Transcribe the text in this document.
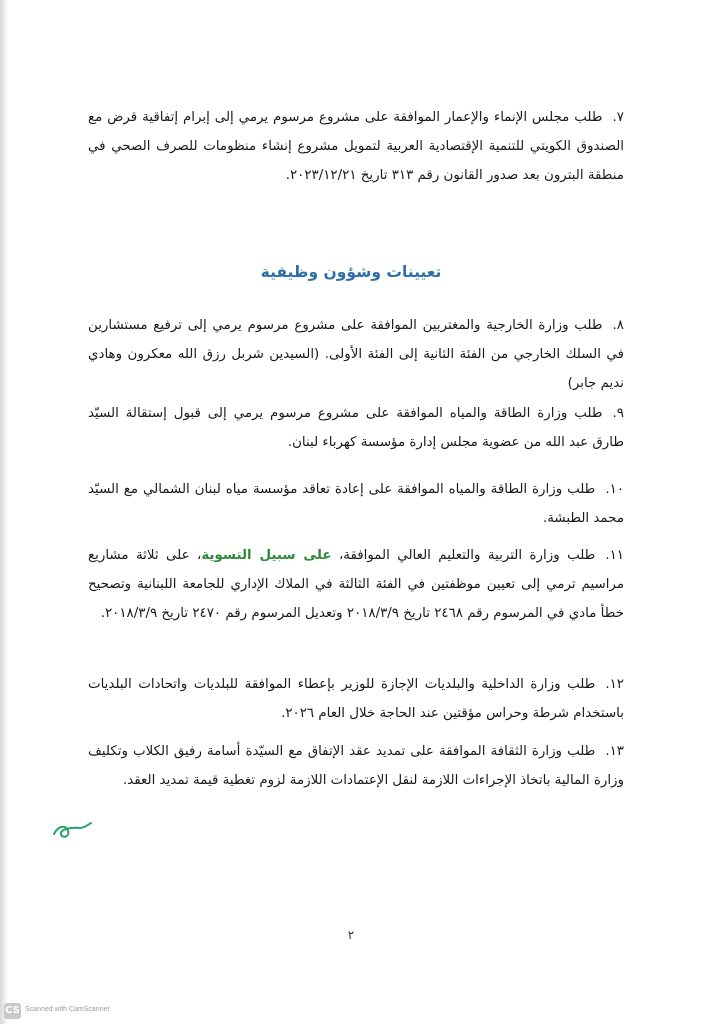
٧.طلب مجلس الإنماء والإعمار الموافقة على مشروع مرسوم يرمي إلى إبرام إتفاقية قرض مع الصندوق الكويتي للتنمية الإقتصادية العربية لتمويل مشروع إنشاء منظومات للصرف الصحي في منطقة البترون بعد صدور القانون رقم ٣١٣ تاريخ ٢٠٢٣/١٢/٢١.
تعيينات وشؤون وظيفية
٨.طلب وزارة الخارجية والمغتربين الموافقة على مشروع مرسوم يرمي إلى ترفيع مستشارين في السلك الخارجي من الفئة الثانية إلى الفئة الأولى. (السيدين شربل رزق الله معكرون وهادي نديم جابر)
٩.طلب وزارة الطاقة والمياه الموافقة على مشروع مرسوم يرمي إلى قبول إستقالة السيّد طارق عبد الله من عضوية مجلس إدارة مؤسسة كهرباء لبنان.
١٠.طلب وزارة الطاقة والمياه الموافقة على إعادة تعاقد مؤسسة مياه لبنان الشمالي مع السيّد محمد الطبشة.
١١.طلب وزارة التربية والتعليم العالي الموافقة، على سبيل التسوية، على ثلاثة مشاريع مراسيم ترمي إلى تعيين موظفتين في الفئة الثالثة في الملاك الإداري للجامعة اللبنانية وتصحيح خطأ مادي في المرسوم رقم ٢٤٦٨ تاريخ ٢٠١٨/٣/٩ وتعديل المرسوم رقم ٢٤٧٠ تاريخ ٢٠١٨/٣/٩.
١٢.طلب وزارة الداخلية والبلديات الإجازة للوزير بإعطاء الموافقة للبلديات واتحادات البلديات باستخدام شرطة وحراس مؤقتين عند الحاجة خلال العام ٢٠٢٦.
١٣.طلب وزارة الثقافة الموافقة على تمديد عقد الإتفاق مع السيّدة أسامة رفيق الكلاب وتكليف وزارة المالية باتخاذ الإجراءات اللازمة لنقل الإعتمادات اللازمة لزوم تغطية قيمة تمديد العقد.
٢
CS Scanned with CamScanner
